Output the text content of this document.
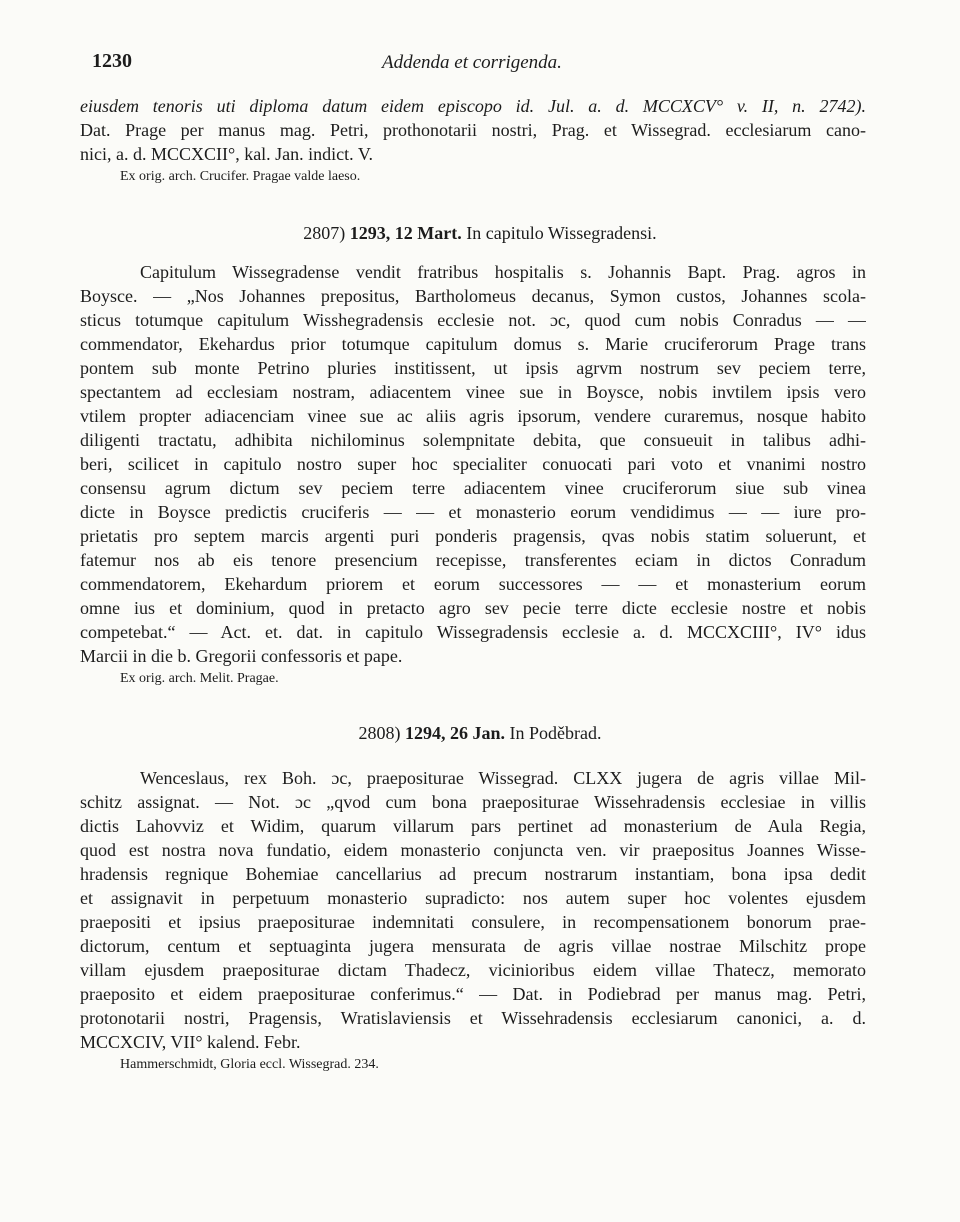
1230	Addenda et corrigenda.
eiusdem tenoris uti diploma datum eidem episcopo id. Jul. a. d. MCCXCV° v. II, n. 2742).
Dat. Prage per manus mag. Petri, prothonotarii nostri, Prag. et Wissegrad. ecclesiarum cano-
nici, a. d. MCCXCII°, kal. Jan. indict. V.
Ex orig. arch. Crucifer. Pragae valde laeso.
2807) 1293, 12 Mart. In capitulo Wissegradensi.
Capitulum Wissegradense vendit fratribus hospitalis s. Johannis Bapt. Prag. agros in
Boysce. — „Nos Johannes prepositus, Bartholomeus decanus, Symon custos, Johannes scola-
sticus totumque capitulum Wisshegradensis ecclesie not. ɔc, quod cum nobis Conradus — —
commendator, Ekehardus prior totumque capitulum domus s. Marie cruciferorum Prage trans
pontem sub monte Petrino pluries institissent, ut ipsis agrvm nostrum sev peciem terre,
spectantem ad ecclesiam nostram, adiacentem vinee sue in Boysce, nobis invtilem ipsis vero
vtilem propter adiacenciam vinee sue ac aliis agris ipsorum, vendere curaremus, nosque habito
diligenti tractatu, adhibita nichilominus solempnitate debita, que consueuit in talibus adhi-
beri, scilicet in capitulo nostro super hoc specialiter conuocati pari voto et vnanimi nostro
consensu agrum dictum sev peciem terre adiacentem vinee cruciferorum siue sub vinea
dicte in Boysce predictis cruciferis — — et monasterio eorum vendidimus — — iure pro-
prietatis pro septem marcis argenti puri ponderis pragensis, qvas nobis statim soluerunt, et
fatemur nos ab eis tenore presencium recepisse, transferentes eciam in dictos Conradum
commendatorem, Ekehardum priorem et eorum successores — — et monasterium eorum
omne ius et dominium, quod in pretacto agro sev pecie terre dicte ecclesie nostre et nobis
competebat.“ — Act. et. dat. in capitulo Wissegradensis ecclesie a. d. MCCXCIII°, IV° idus
Marcii in die b. Gregorii confessoris et pape.
Ex orig. arch. Melit. Pragae.
2808) 1294, 26 Jan. In Poděbrad.
Wenceslaus, rex Boh. ɔc, praepositurae Wissegrad. CLXX jugera de agris villae Mil-
schitz assignat. — Not. ɔc „qvod cum bona praepositurae Wissehradensis ecclesiae in villis
dictis Lahovviz et Widim, quarum villarum pars pertinet ad monasterium de Aula Regia,
quod est nostra nova fundatio, eidem monasterio conjuncta ven. vir praepositus Joannes Wisse-
hradensis regnique Bohemiae cancellarius ad precum nostrarum instantiam, bona ipsa dedit
et assignavit in perpetuum monasterio supradicto: nos autem super hoc volentes ejusdem
praepositi et ipsius praepositurae indemnitati consulere, in recompensationem bonorum prae-
dictorum, centum et septuaginta jugera mensurata de agris villae nostrae Milschitz prope
villam ejusdem praepositurae dictam Thadecz, vicinioribus eidem villae Thatecz, memorato
praeposito et eidem praepositurae conferimus.“ — Dat. in Podiebrad per manus mag. Petri,
protonotarii nostri, Pragensis, Wratislaviensis et Wissehradensis ecclesiarum canonici, a. d.
MCCXCIV, VII° kalend. Febr.
Hammerschmidt, Gloria eccl. Wissegrad. 234.
